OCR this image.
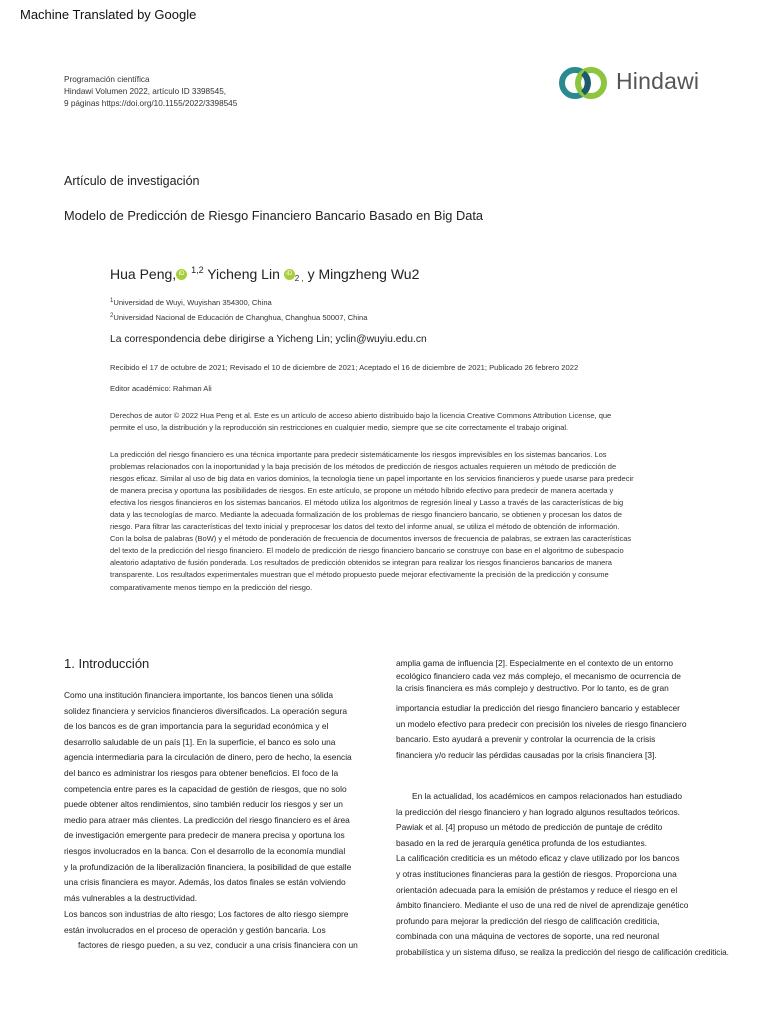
Machine Translated by Google
Programación científica
Hindawi Volumen 2022, artículo ID 3398545,
9 páginas https://doi.org/10.1155/2022/3398545
Hindawi
Artículo de investigación
Modelo de Predicción de Riesgo Financiero Bancario Basado en Big Data
Hua Peng, iD $^{1,2}$ Yicheng Lin iD2 , y Mingzheng Wu2
$^1$Universidad de Wuyi, Wuyishan 354300, China
$^2$Universidad Nacional de Educación de Changhua, Changhua 50007, China
La correspondencia debe dirigirse a Yicheng Lin; yclin@wuyiu.edu.cn
Recibido el 17 de octubre de 2021; Revisado el 10 de diciembre de 2021; Aceptado el 16 de diciembre de 2021; Publicado 26 febrero 2022
Editor académico: Rahman Ali
Derechos de autor © 2022 Hua Peng et al. Este es un artículo de acceso abierto distribuido bajo la licencia Creative Commons Attribution License, que
permite el uso, la distribución y la reproducción sin restricciones en cualquier medio, siempre que se cite correctamente el trabajo original.
La predicción del riesgo financiero es una técnica importante para predecir sistemáticamente los riesgos imprevisibles en los sistemas bancarios. Los
problemas relacionados con la inoportunidad y la baja precisión de los métodos de predicción de riesgos actuales requieren un método de predicción de
riesgos eficaz. Similar al uso de big data en varios dominios, la tecnología tiene un papel importante en los servicios financieros y puede usarse para predecir
de manera precisa y oportuna las posibilidades de riesgos. En este artículo, se propone un método híbrido efectivo para predecir de manera acertada y
efectiva los riesgos financieros en los sistemas bancarios. El método utiliza los algoritmos de regresión lineal y Lasso a través de las características de big
data y las tecnologías de marco. Mediante la adecuada formalización de los problemas de riesgo financiero bancario, se obtienen y procesan los datos de
riesgo. Para filtrar las características del texto inicial y preprocesar los datos del texto del informe anual, se utiliza el método de obtención de información.
Con la bolsa de palabras (BoW) y el método de ponderación de frecuencia de documentos inversos de frecuencia de palabras, se extraen las características
del texto de la predicción del riesgo financiero. El modelo de predicción de riesgo financiero bancario se construye con base en el algoritmo de subespacio
aleatorio adaptativo de fusión ponderada. Los resultados de predicción obtenidos se integran para realizar los riesgos financieros bancarios de manera
transparente. Los resultados experimentales muestran que el método propuesto puede mejorar efectivamente la precisión de la predicción y consume
comparativamente menos tiempo en la predicción del riesgo.
1. Introducción
Como una institución financiera importante, los bancos tienen una sólida
solidez financiera y servicios financieros diversificados. La operación segura
de los bancos es de gran importancia para la seguridad económica y el
desarrollo saludable de un país [1]. En la superficie, el banco es solo una
agencia intermediaria para la circulación de dinero, pero de hecho, la esencia
del banco es administrar los riesgos para obtener beneficios. El foco de la
competencia entre pares es la capacidad de gestión de riesgos, que no solo
puede obtener altos rendimientos, sino también reducir los riesgos y ser un
medio para atraer más clientes. La predicción del riesgo financiero es el área
de investigación emergente para predecir de manera precisa y oportuna los
riesgos involucrados en la banca. Con el desarrollo de la economía mundial
y la profundización de la liberalización financiera, la posibilidad de que estalle
una crisis financiera es mayor. Además, los datos finales se están volviendo
más vulnerables a la destructividad.
Los bancos son industrias de alto riesgo; Los factores de alto riesgo siempre
están involucrados en el proceso de operación y gestión bancaria. Los
factores de riesgo pueden, a su vez, conducir a una crisis financiera con un
amplia gama de influencia [2]. Especialmente en el contexto de un entorno
ecológico financiero cada vez más complejo, el mecanismo de ocurrencia de
la crisis financiera es más complejo y destructivo. Por lo tanto, es de gran
importancia estudiar la predicción del riesgo financiero bancario y establecer
un modelo efectivo para predecir con precisión los niveles de riesgo financiero
bancario. Esto ayudará a prevenir y controlar la ocurrencia de la crisis
financiera y/o reducir las pérdidas causadas por la crisis financiera [3].
En la actualidad, los académicos en campos relacionados han estudiado
la predicción del riesgo financiero y han logrado algunos resultados teóricos.
Pawiak et al. [4] propuso un método de predicción de puntaje de crédito
basado en la red de jerarquía genética profunda de los estudiantes.
La calificación crediticia es un método eficaz y clave utilizado por los bancos
y otras instituciones financieras para la gestión de riesgos. Proporciona una
orientación adecuada para la emisión de préstamos y reduce el riesgo en el
ámbito financiero. Mediante el uso de una red de nivel de aprendizaje genético
profundo para mejorar la predicción del riesgo de calificación crediticia,
combinada con una máquina de vectores de soporte, una red neuronal
probabilística y un sistema difuso, se realiza la predicción del riesgo de calificación crediticia.
